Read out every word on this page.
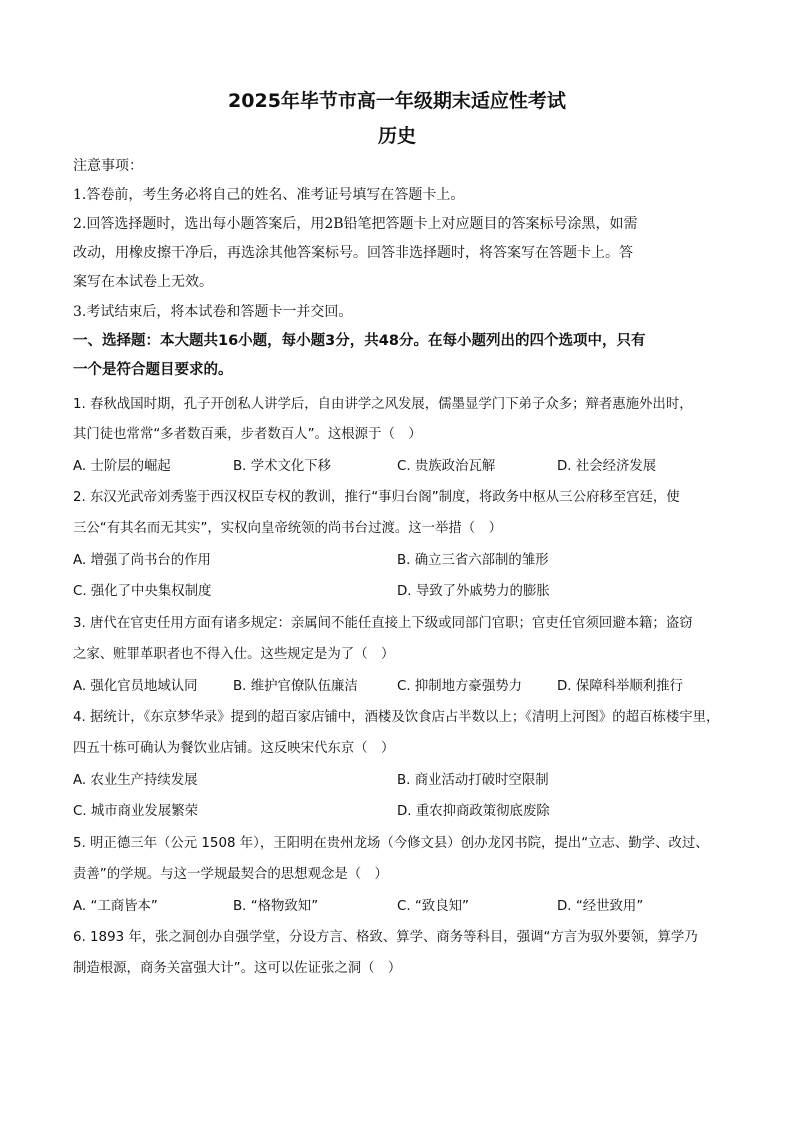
2025年毕节市高一年级期末适应性考试
历史
注意事项：
1.答卷前，考生务必将自己的姓名、准考证号填写在答题卡上。
2.回答选择题时，选出每小题答案后，用2B铅笔把答题卡上对应题目的答案标号涂黑，如需
改动，用橡皮擦干净后，再选涂其他答案标号。回答非选择题时，将答案写在答题卡上。答
案写在本试卷上无效。
3.考试结束后，将本试卷和答题卡一并交回。
一、选择题：本大题共16小题，每小题3分，共48分。在每小题列出的四个选项中，只有
一个是符合题目要求的。
1. 春秋战国时期，孔子开创私人讲学后，自由讲学之风发展，儒墨显学门下弟子众多；辩者惠施外出时，
其门徒也常常“多者数百乘，步者数百人”。这根源于（　）
A. 士阶层的崛起	B. 学术文化下移	C. 贵族政治瓦解	D. 社会经济发展
2. 东汉光武帝刘秀鉴于西汉权臣专权的教训，推行“事归台阁”制度，将政务中枢从三公府移至宫廷，使
三公“有其名而无其实”，实权向皇帝统领的尚书台过渡。这一举措（　）
A. 增强了尚书台的作用	B. 确立三省六部制的雏形
C. 强化了中央集权制度	D. 导致了外戚势力的膨胀
3. 唐代在官吏任用方面有诸多规定：亲属间不能任直接上下级或同部门官职；官吏任官须回避本籍；盗窃
之家、赃罪革职者也不得入仕。这些规定是为了（　）
A. 强化官员地域认同	B. 维护官僚队伍廉洁	C. 抑制地方豪强势力	D. 保障科举顺利推行
4. 据统计，《东京梦华录》提到的超百家店铺中，酒楼及饮食店占半数以上；《清明上河图》的超百栋楼宇里，
四五十栋可确认为餐饮业店铺。这反映宋代东京（　）
A. 农业生产持续发展	B. 商业活动打破时空限制
C. 城市商业发展繁荣	D. 重农抑商政策彻底废除
5. 明正德三年（公元 1508 年），王阳明在贵州龙场（今修文县）创办龙冈书院，提出“立志、勤学、改过、
责善”的学规。与这一学规最契合的思想观念是（　）
A. “工商皆本”	B. “格物致知”	C. “致良知”	D. “经世致用”
6. 1893 年，张之洞创办自强学堂，分设方言、格致、算学、商务等科目，强调“方言为驭外要领，算学乃
制造根源，商务关富强大计”。这可以佐证张之洞（　）
